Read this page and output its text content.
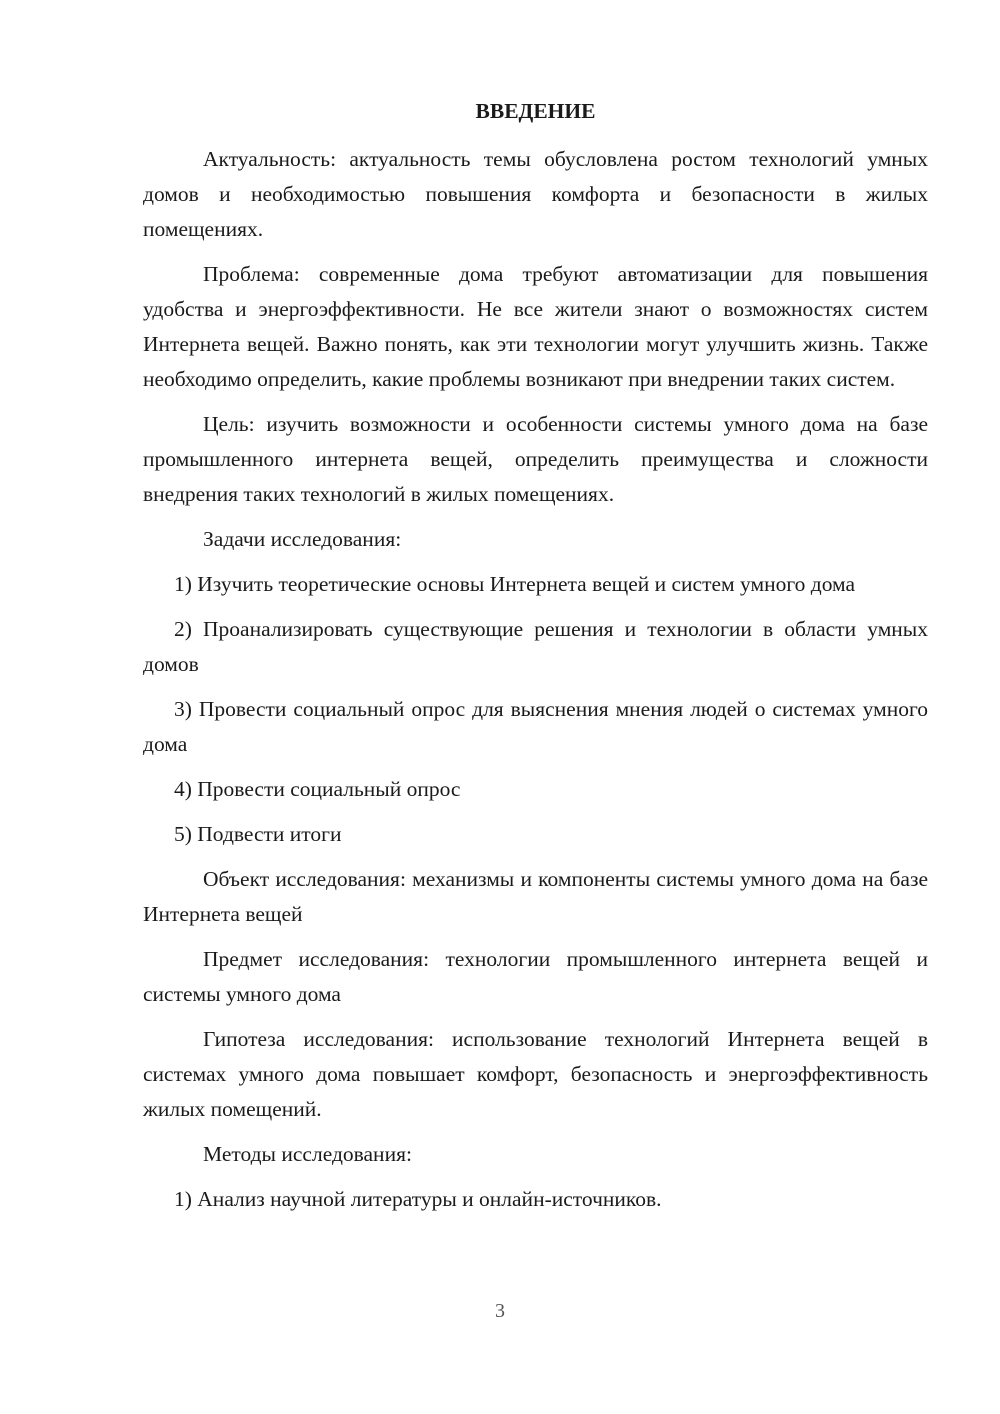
ВВЕДЕНИЕ

Актуальность: актуальность темы обусловлена ростом технологий умных домов и необходимостью повышения комфорта и безопасности в жилых помещениях.

Проблема: современные дома требуют автоматизации для повышения удобства и энергоэффективности. Не все жители знают о возможностях систем Интернета вещей. Важно понять, как эти технологии могут улучшить жизнь. Также необходимо определить, какие проблемы возникают при внедрении таких систем.

Цель: изучить возможности и особенности системы умного дома на базе промышленного интернета вещей, определить преимущества и сложности внедрения таких технологий в жилых помещениях.

Задачи исследования:

1) Изучить теоретические основы Интернета вещей и систем умного дома

2) Проанализировать существующие решения и технологии в области умных домов

3) Провести социальный опрос для выяснения мнения людей о системах умного дома

4) Провести социальный опрос

5) Подвести итоги

Объект исследования: механизмы и компоненты системы умного дома на базе Интернета вещей

Предмет исследования: технологии промышленного интернета вещей и системы умного дома

Гипотеза исследования: использование технологий Интернета вещей в системах умного дома повышает комфорт, безопасность и энергоэффективность жилых помещений.

Методы исследования:

1) Анализ научной литературы и онлайн-источников.

3
